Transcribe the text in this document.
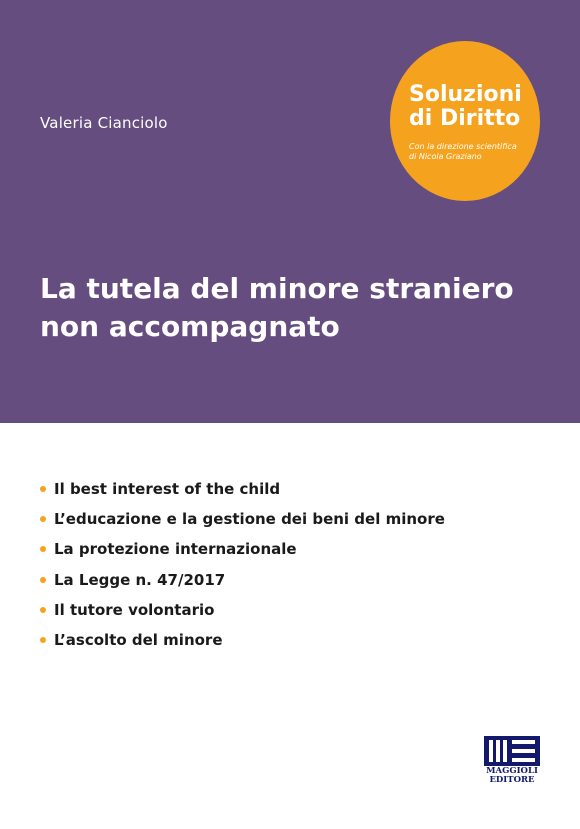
Valeria Cianciolo
Soluzioni
di Diritto
Con la direzione scientifica
di Nicola Graziano
La tutela del minore straniero
non accompagnato
Il best interest of the child
L’educazione e la gestione dei beni del minore
La protezione internazionale
La Legge n. 47/2017
Il tutore volontario
L’ascolto del minore
MAGGIOLI
EDITORE
